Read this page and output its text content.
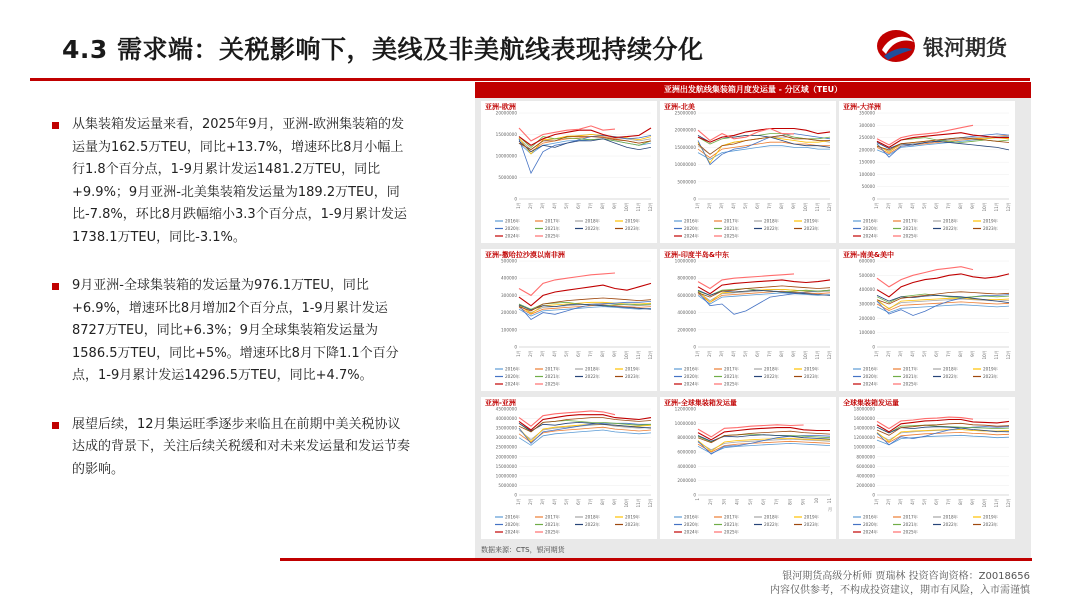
4.3 需求端：关税影响下，美线及非美航线表现持续分化	银河期货
从集装箱发运量来看，2025年9月，亚洲-欧洲集装箱的发运量为162.5万TEU，同比+13.7%，增速环比8月小幅上行1.8个百分点，1-9月累计发运1481.2万TEU，同比+9.9%；9月亚洲-北美集装箱发运量为189.2万TEU，同比-7.8%，环比8月跌幅缩小3.3个百分点，1-9月累计发运1738.1万TEU，同比-3.1%。
9月亚洲-全球集装箱的发运量为976.1万TEU，同比+6.9%，增速环比8月增加2个百分点，1-9月累计发运8727万TEU，同比+6.3%；9月全球集装箱发运量为1586.5万TEU，同比+5%。增速环比8月下降1.1个百分点，1-9月累计发运14296.5万TEU，同比+4.7%。
展望后续，12月集运旺季逐步来临且在前期中美关税协议达成的背景下，关注后续关税缓和对未来发运量和发运节奏的影响。
亚洲出发航线集装箱月度发运量 - 分区域（TEU）
亚洲-欧洲
0
5000000
10000000
15000000
20000000
1月 2月 3月 4月 5月 6月 7月 8月 9月 10月 11月 12月
2016年	2017年	2018年	2019年
2020年	2021年	2022年	2023年
2024年	2025年
亚洲-北美
0
5000000
10000000
15000000
20000000
25000000
1月 2月 3月 4月 5月 6月 7月 8月 9月 10月 11月 12月
2016年	2017年	2018年	2019年
2020年	2021年	2022年	2023年
2024年	2025年
亚洲-大洋洲
0
50000
100000
150000
200000
250000
300000
350000
1月 2月 3月 4月 5月 6月 7月 8月 9月 10月 11月 12月
2016年	2017年	2018年	2019年
2020年	2021年	2022年	2023年
2024年	2025年
亚洲-撒哈拉沙漠以南非洲
0
100000
200000
300000
400000
500000
1月 2月 3月 4月 5月 6月 7月 8月 9月 10月 11月 12月
2016年	2017年	2018年	2019年
2020年	2021年	2022年	2023年
2024年	2025年
亚洲-印度半岛&中东
0
2000000
4000000
6000000
8000000
10000000
1月 2月 3月 4月 5月 6月 7月 8月 9月 10月 11月 12月
2016年	2017年	2018年	2019年
2020年	2021年	2022年	2023年
2024年	2025年
亚洲-南美&美中
0
100000
200000
300000
400000
500000
600000
1月 2月 3月 4月 5月 6月 7月 8月 9月 10月 11月 12月
2016年	2017年	2018年	2019年
2020年	2021年	2022年	2023年
2024年	2025年
亚洲-亚洲
0
5000000
10000000
15000000
20000000
25000000
30000000
35000000
40000000
45000000
1月 2月 3月 4月 5月 6月 7月 8月 9月 10月 11月 12月
2016年	2017年	2018年	2019年
2020年	2021年	2022年	2023年
2024年	2025年
亚洲-全球集装箱发运量
0
2000000
4000000
6000000
8000000
10000000
12000000
1 2月 3月 4月 5月 6月 7月 8月 9月 10 11
月
2016年	2017年	2018年	2019年
2020年	2021年	2022年	2023年
2024年	2025年
全球集装箱发运量
0
2000000
4000000
6000000
8000000
10000000
12000000
14000000
16000000
18000000
1月 2月 3月 4月 5月 6月 7月 8月 9月 10月 11月 12月
2016年	2017年	2018年	2019年
2020年	2021年	2022年	2023年
2024年	2025年
数据来源：CTS，银河期货
银河期货高级分析师 贾瑞林 投资咨询资格：Z0018656
内容仅供参考，不构成投资建议，期市有风险，入市需谨慎
